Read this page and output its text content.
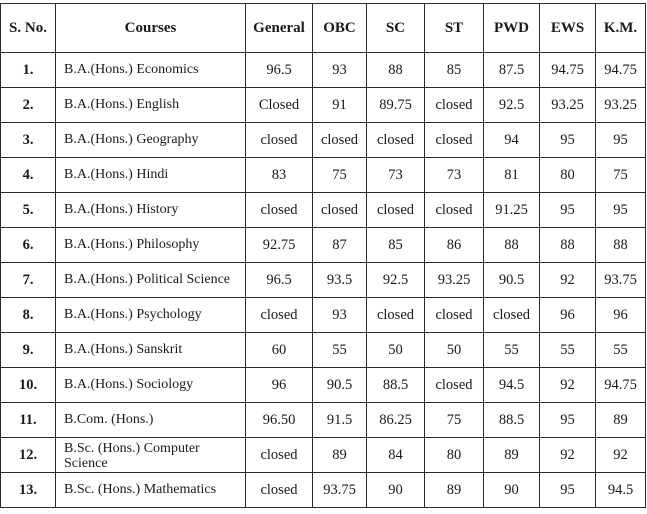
S. No.	Courses	General	OBC	SC	ST	PWD	EWS	K.M.
1.	B.A.(Hons.) Economics	96.5	93	88	85	87.5	94.75	94.75
2.	B.A.(Hons.) English	Closed	91	89.75	closed	92.5	93.25	93.25
3.	B.A.(Hons.) Geography	closed	closed	closed	closed	94	95	95
4.	B.A.(Hons.) Hindi	83	75	73	73	81	80	75
5.	B.A.(Hons.) History	closed	closed	closed	closed	91.25	95	95
6.	B.A.(Hons.) Philosophy	92.75	87	85	86	88	88	88
7.	B.A.(Hons.) Political Science	96.5	93.5	92.5	93.25	90.5	92	93.75
8.	B.A.(Hons.) Psychology	closed	93	closed	closed	closed	96	96
9.	B.A.(Hons.) Sanskrit	60	55	50	50	55	55	55
10.	B.A.(Hons.) Sociology	96	90.5	88.5	closed	94.5	92	94.75
11.	B.Com. (Hons.)	96.50	91.5	86.25	75	88.5	95	89
12.	B.Sc. (Hons.) Computer Science	closed	89	84	80	89	92	92
13.	B.Sc. (Hons.) Mathematics	closed	93.75	90	89	90	95	94.5
